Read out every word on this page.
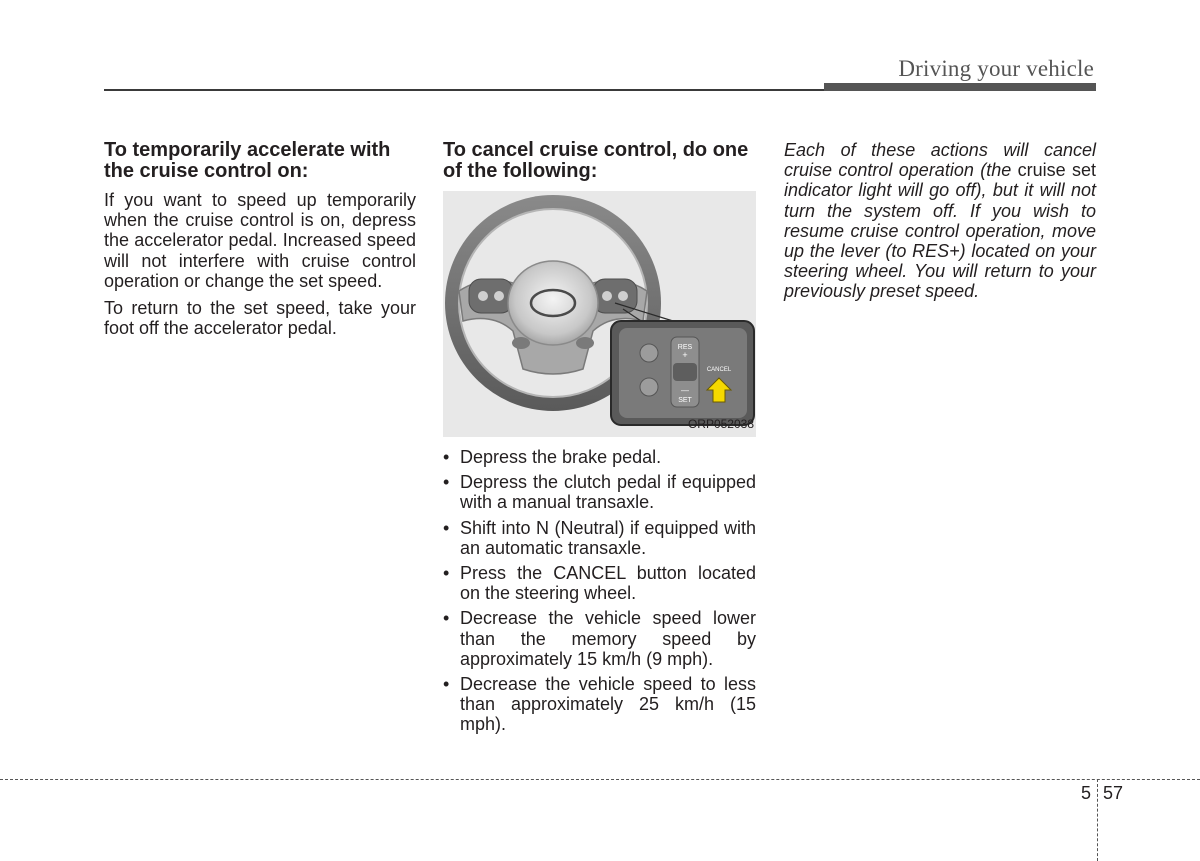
Driving your vehicle
To temporarily accelerate with the cruise control on:

If you want to speed up temporarily when the cruise control is on, depress the accelerator pedal. Increased speed will not interfere with cruise control operation or change the set speed.

To return to the set speed, take your foot off the accelerator pedal.

To cancel cruise control, do one of the following:
RES
+
—
SET
CANCEL
ORP052038
• Depress the brake pedal.
• Depress the clutch pedal if equipped with a manual transaxle.
• Shift into N (Neutral) if equipped with an automatic transaxle.
• Press the CANCEL button located on the steering wheel.
• Decrease the vehicle speed lower than the memory speed by approximately 15 km/h (9 mph).
• Decrease the vehicle speed to less than approximately 25 km/h (15 mph).

Each of these actions will cancel cruise control operation (the cruise set indicator light will go off), but it will not turn the system off. If you wish to resume cruise control operation, move up the lever (to RES+) located on your steering wheel. You will return to your previously preset speed.

5 57
